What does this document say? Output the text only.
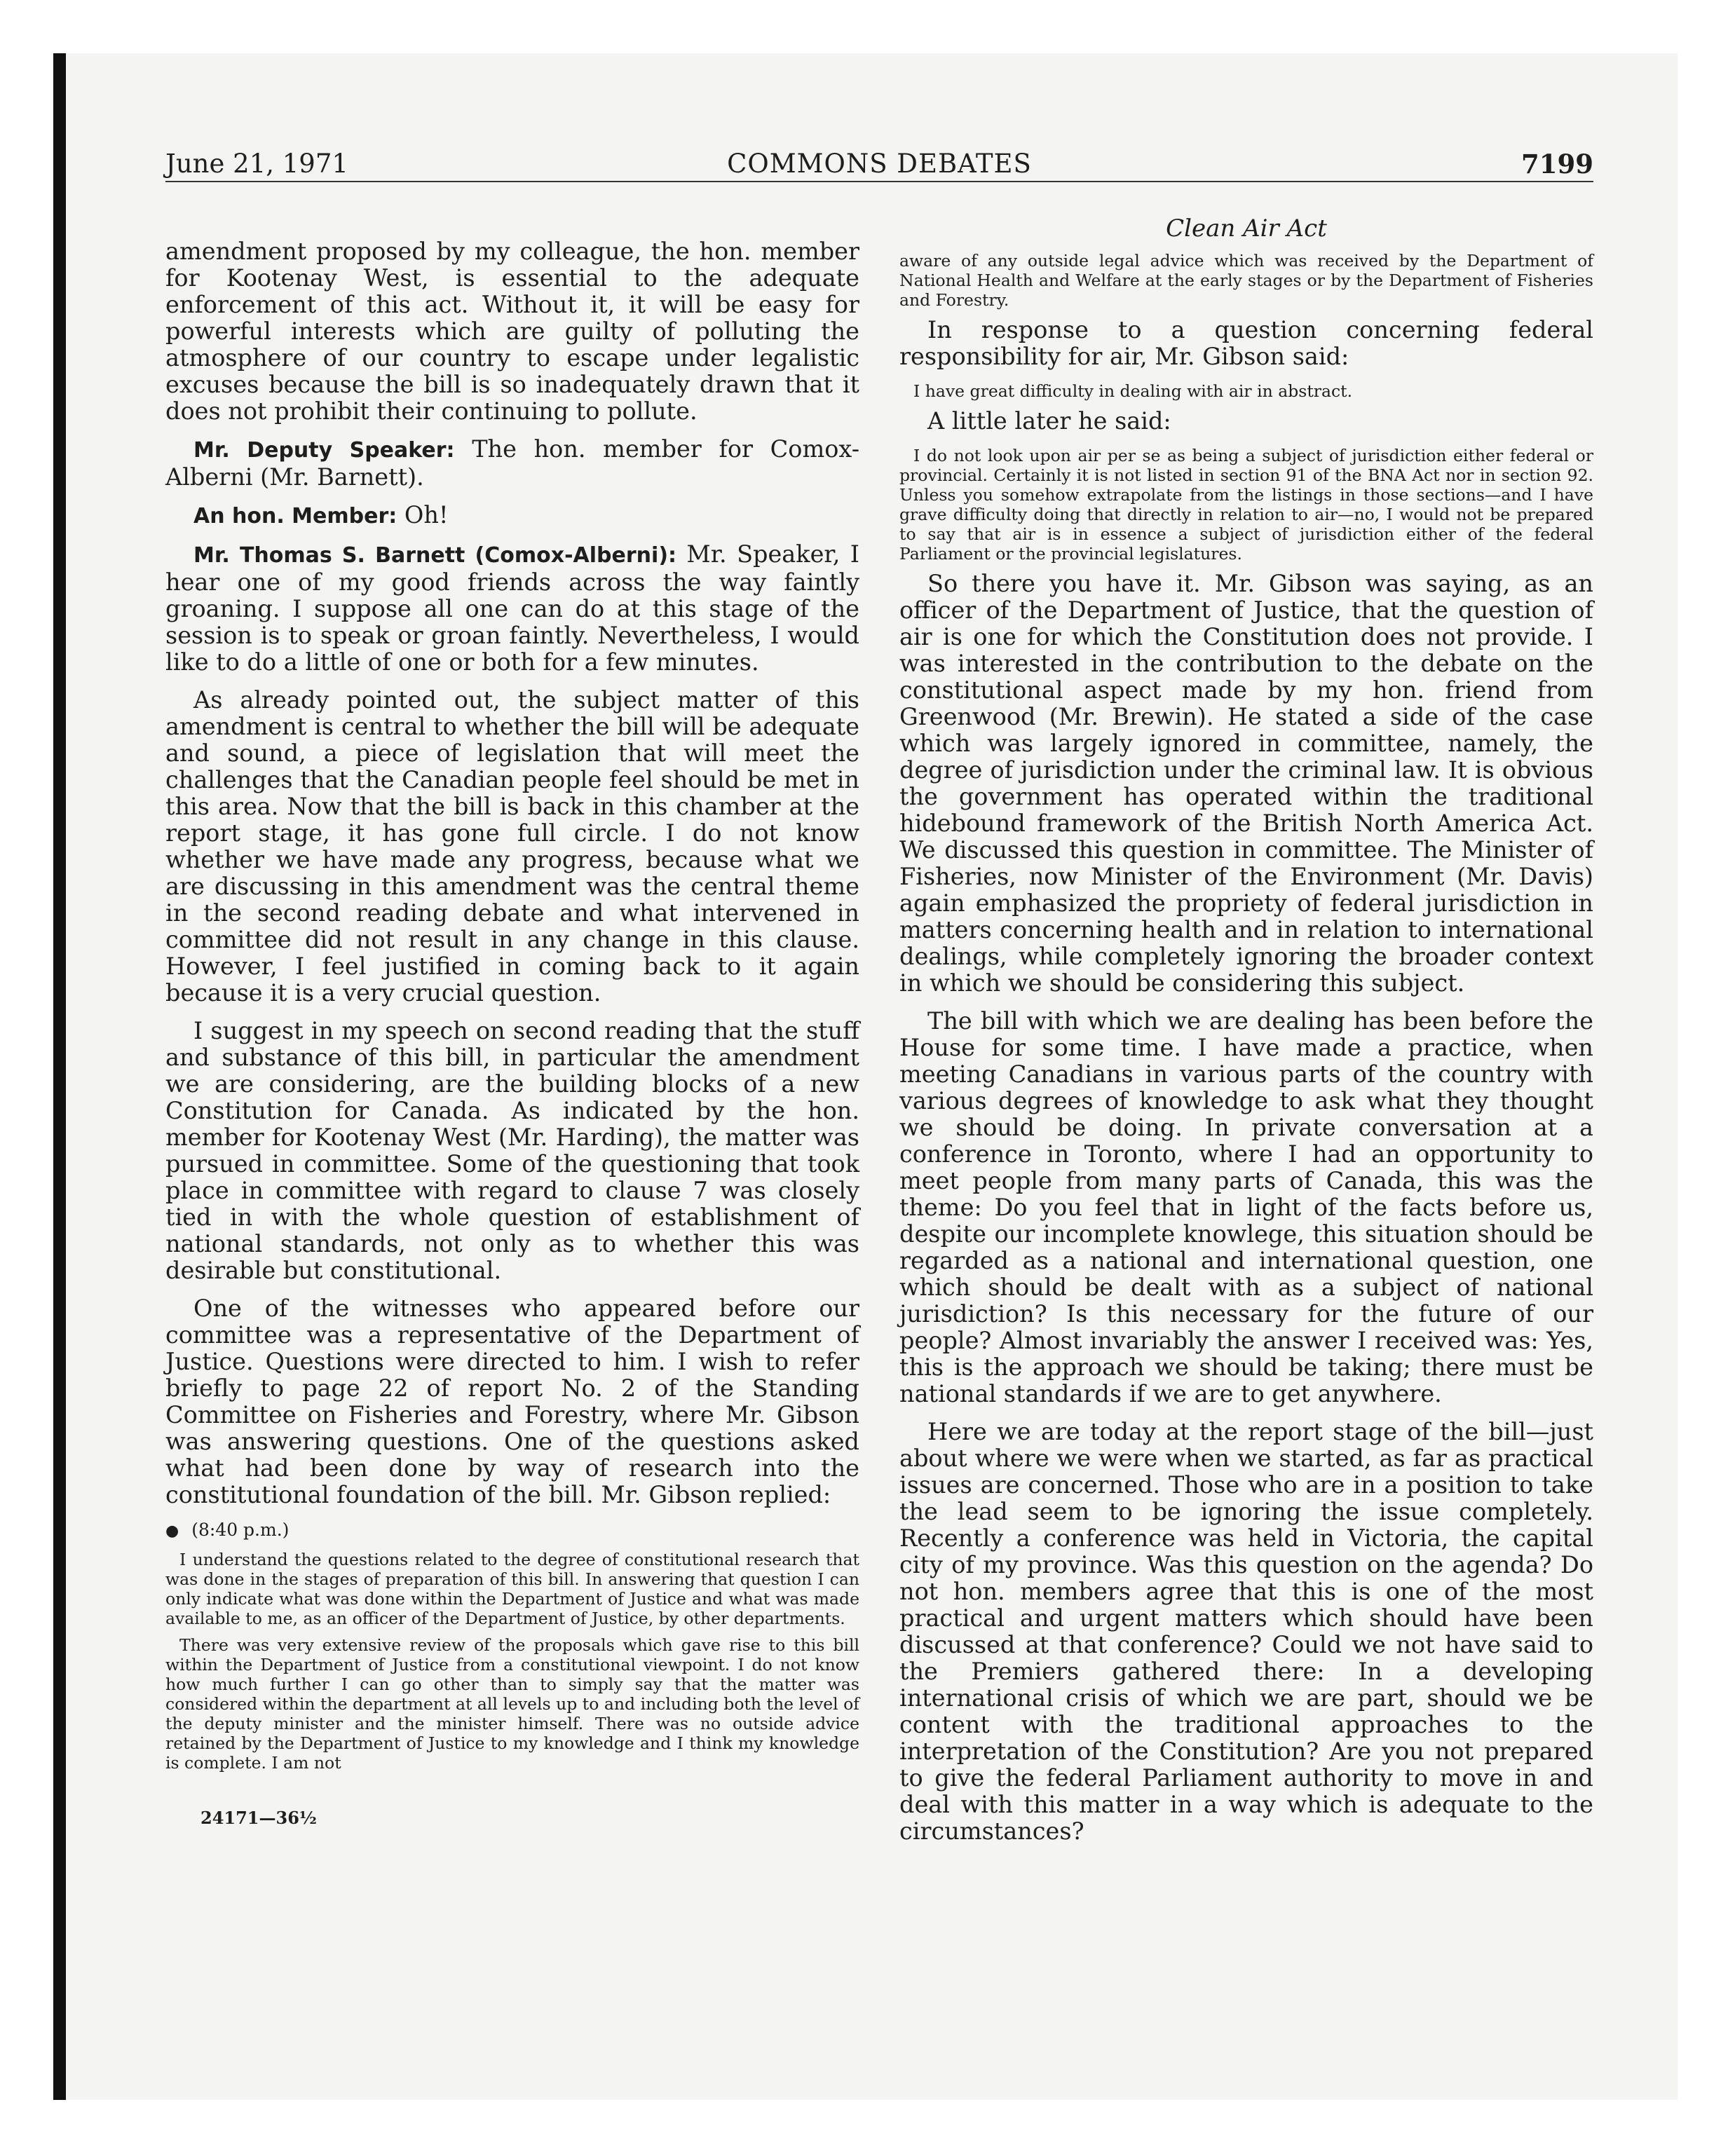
June 21, 1971	COMMONS DEBATES	7199

amendment proposed by my colleague, the hon. member for Kootenay West, is essential to the adequate enforcement of this act. Without it, it will be easy for powerful interests which are guilty of polluting the atmosphere of our country to escape under legalistic excuses because the bill is so inadequately drawn that it does not prohibit their continuing to pollute.

Mr. Deputy Speaker: The hon. member for Comox-Alberni (Mr. Barnett).

An hon. Member: Oh!

Mr. Thomas S. Barnett (Comox-Alberni): Mr. Speaker, I hear one of my good friends across the way faintly groaning. I suppose all one can do at this stage of the session is to speak or groan faintly. Nevertheless, I would like to do a little of one or both for a few minutes.

As already pointed out, the subject matter of this amendment is central to whether the bill will be adequate and sound, a piece of legislation that will meet the challenges that the Canadian people feel should be met in this area. Now that the bill is back in this chamber at the report stage, it has gone full circle. I do not know whether we have made any progress, because what we are discussing in this amendment was the central theme in the second reading debate and what intervened in committee did not result in any change in this clause. However, I feel justified in coming back to it again because it is a very crucial question.

I suggest in my speech on second reading that the stuff and substance of this bill, in particular the amendment we are considering, are the building blocks of a new Constitution for Canada. As indicated by the hon. member for Kootenay West (Mr. Harding), the matter was pursued in committee. Some of the questioning that took place in committee with regard to clause 7 was closely tied in with the whole question of establishment of national standards, not only as to whether this was desirable but constitutional.

One of the witnesses who appeared before our committee was a representative of the Department of Justice. Questions were directed to him. I wish to refer briefly to page 22 of report No. 2 of the Standing Committee on Fisheries and Forestry, where Mr. Gibson was answering questions. One of the questions asked what had been done by way of research into the constitutional foundation of the bill. Mr. Gibson replied:

● (8:40 p.m.)

I understand the questions related to the degree of constitutional research that was done in the stages of preparation of this bill. In answering that question I can only indicate what was done within the Department of Justice and what was made available to me, as an officer of the Department of Justice, by other departments.

There was very extensive review of the proposals which gave rise to this bill within the Department of Justice from a constitutional viewpoint. I do not know how much further I can go other than to simply say that the matter was considered within the department at all levels up to and including both the level of the deputy minister and the minister himself. There was no outside advice retained by the Department of Justice to my knowledge and I think my knowledge is complete. I am not

24171—36½
Clean Air Act

aware of any outside legal advice which was received by the Department of National Health and Welfare at the early stages or by the Department of Fisheries and Forestry.

In response to a question concerning federal responsibility for air, Mr. Gibson said:

I have great difficulty in dealing with air in abstract.

A little later he said:

I do not look upon air per se as being a subject of jurisdiction either federal or provincial. Certainly it is not listed in section 91 of the BNA Act nor in section 92. Unless you somehow extrapolate from the listings in those sections—and I have grave difficulty doing that directly in relation to air—no, I would not be prepared to say that air is in essence a subject of jurisdiction either of the federal Parliament or the provincial legislatures.

So there you have it. Mr. Gibson was saying, as an officer of the Department of Justice, that the question of air is one for which the Constitution does not provide. I was interested in the contribution to the debate on the constitutional aspect made by my hon. friend from Greenwood (Mr. Brewin). He stated a side of the case which was largely ignored in committee, namely, the degree of jurisdiction under the criminal law. It is obvious the government has operated within the traditional hidebound framework of the British North America Act. We discussed this question in committee. The Minister of Fisheries, now Minister of the Environment (Mr. Davis) again emphasized the propriety of federal jurisdiction in matters concerning health and in relation to international dealings, while completely ignoring the broader context in which we should be considering this subject.

The bill with which we are dealing has been before the House for some time. I have made a practice, when meeting Canadians in various parts of the country with various degrees of knowledge to ask what they thought we should be doing. In private conversation at a conference in Toronto, where I had an opportunity to meet people from many parts of Canada, this was the theme: Do you feel that in light of the facts before us, despite our incomplete knowlege, this situation should be regarded as a national and international question, one which should be dealt with as a subject of national jurisdiction? Is this necessary for the future of our people? Almost invariably the answer I received was: Yes, this is the approach we should be taking; there must be national standards if we are to get anywhere.

Here we are today at the report stage of the bill—just about where we were when we started, as far as practical issues are concerned. Those who are in a position to take the lead seem to be ignoring the issue completely. Recently a conference was held in Victoria, the capital city of my province. Was this question on the agenda? Do not hon. members agree that this is one of the most practical and urgent matters which should have been discussed at that conference? Could we not have said to the Premiers gathered there: In a developing international crisis of which we are part, should we be content with the traditional approaches to the interpretation of the Constitution? Are you not prepared to give the federal Parliament authority to move in and deal with this matter in a way which is adequate to the circumstances?
